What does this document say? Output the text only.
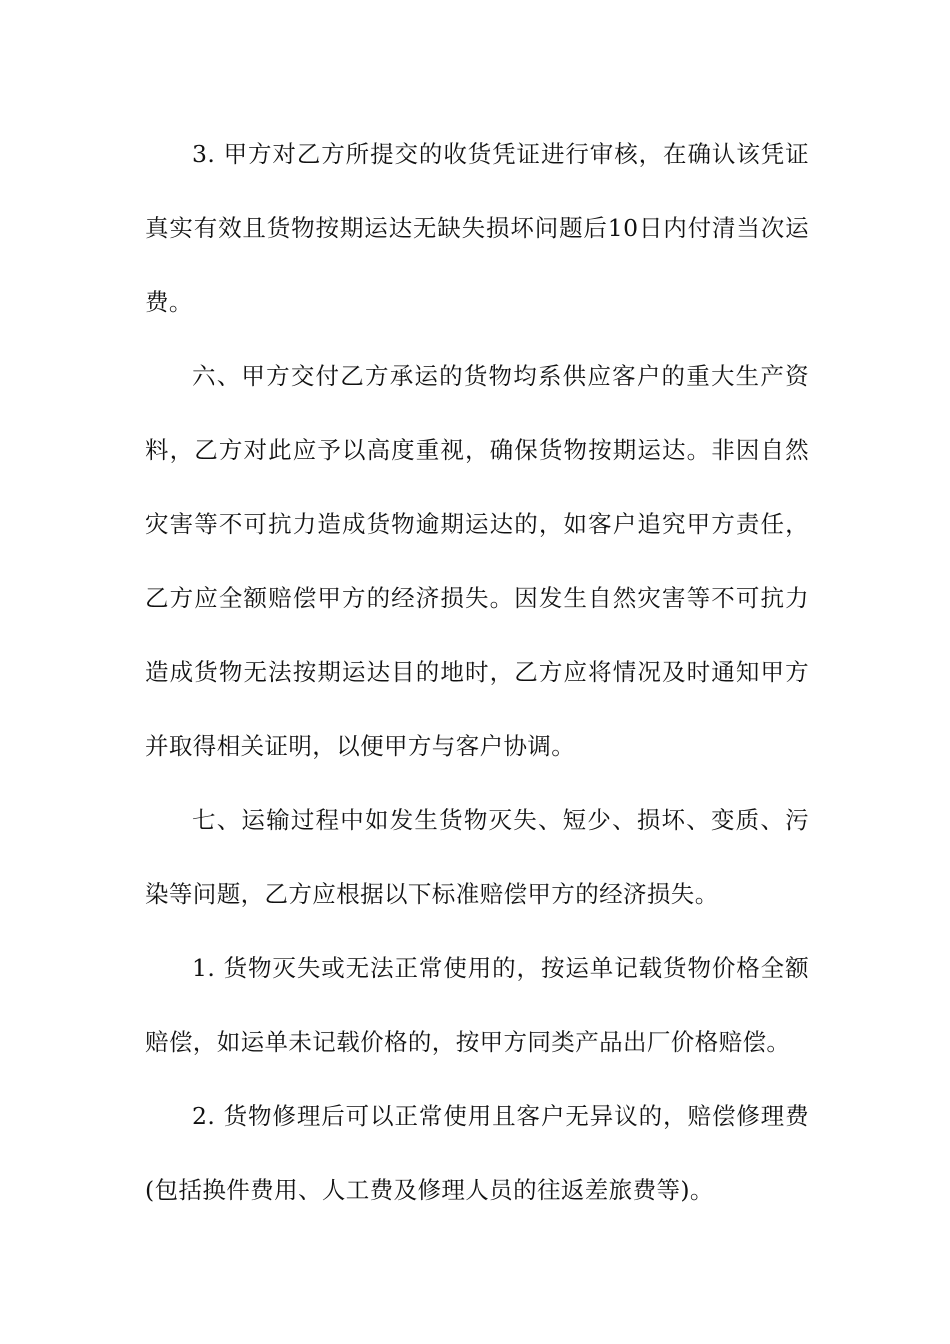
3. 甲方对乙方所提交的收货凭证进行审核，在确认该凭证真实有效且货物按期运达无缺失损坏问题后10日内付清当次运费。

六、甲方交付乙方承运的货物均系供应客户的重大生产资料，乙方对此应予以高度重视，确保货物按期运达。非因自然灾害等不可抗力造成货物逾期运达的，如客户追究甲方责任，乙方应全额赔偿甲方的经济损失。因发生自然灾害等不可抗力造成货物无法按期运达目的地时，乙方应将情况及时通知甲方并取得相关证明，以便甲方与客户协调。

七、运输过程中如发生货物灭失、短少、损坏、变质、污染等问题，乙方应根据以下标准赔偿甲方的经济损失。

1. 货物灭失或无法正常使用的，按运单记载货物价格全额赔偿，如运单未记载价格的，按甲方同类产品出厂价格赔偿。

2. 货物修理后可以正常使用且客户无异议的，赔偿修理费(包括换件费用、人工费及修理人员的往返差旅费等)。
